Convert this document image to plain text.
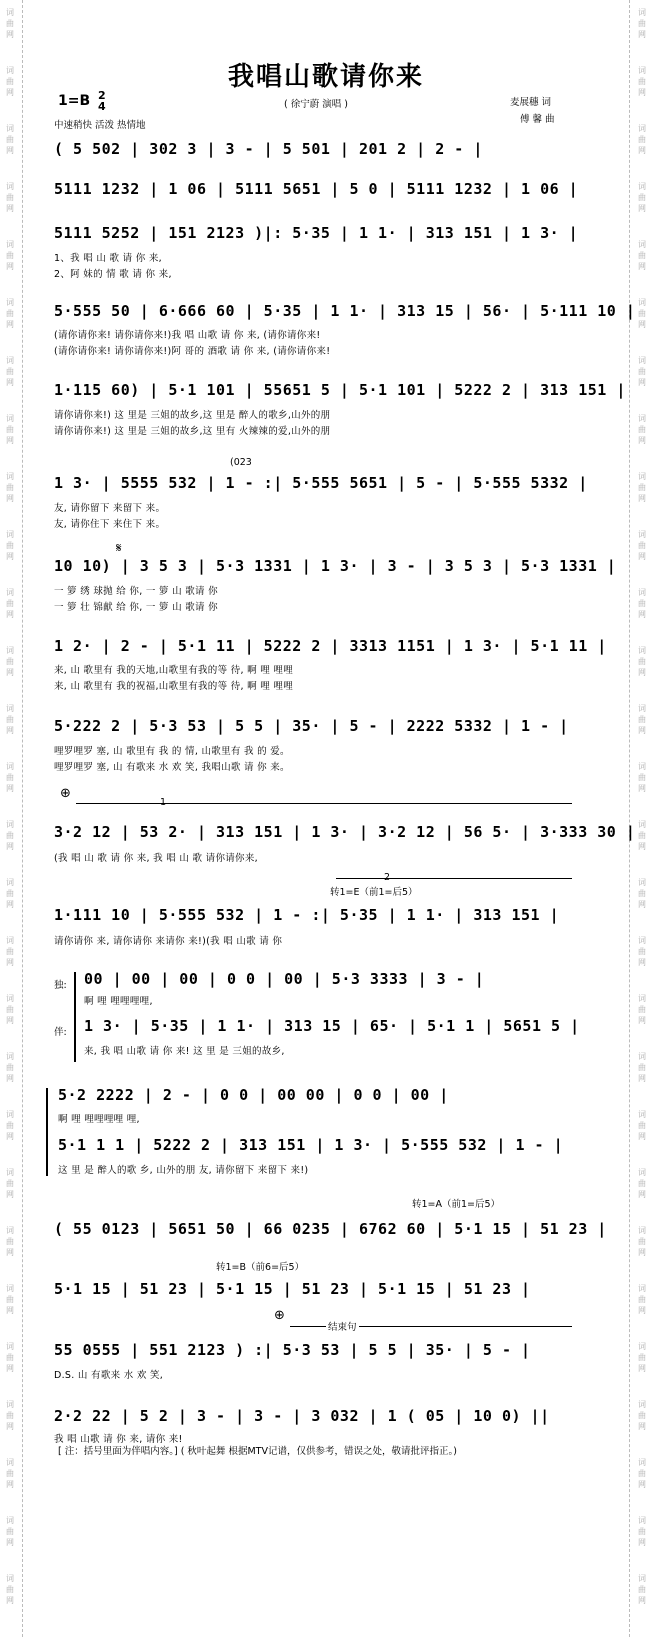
词
曲
网
词
曲
网
词
曲
网
词
曲
网
词
曲
网
词
曲
网
词
曲
网
词
曲
网
词
曲
网
词
曲
网
词
曲
网
词
曲
网
词
曲
网
词
曲
网
词
曲
网
词
曲
网
词
曲
网
词
曲
网
词
曲
网
词
曲
网
词
曲
网
词
曲
网
词
曲
网
词
曲
网
词
曲
网
词
曲
网
词
曲
网
词
曲
网
词
曲
网
词
曲
网
词
曲
网
词
曲
网
词
曲
网
词
曲
网
词
曲
网
词
曲
网
词
曲
网
词
曲
网
词
曲
网
词
曲
网
词
曲
网
词
曲
网
词
曲
网
词
曲
网
词
曲
网
词
曲
网
词
曲
网
词
曲
网
词
曲
网
词
曲
网
词
曲
网
词
曲
网
词
曲
网
词
曲
网
词
曲
网
词
曲
网
我唱山歌请你来
1=B 2
4
中速稍快 活泼 热情地
( 徐宁蔚 演唱 )	麦展穗 词
傅 馨 曲
( 5 502 | 302 3 | 3 - | 5 501 | 201 2 | 2 - |
5111 1232 | 1 06 | 5111 5651 | 5 0 | 5111 1232 | 1 06 |
5111 5252 | 151 2123 )|: 5·35 | 1 1· | 313 151 | 1 3· |
1、我 唱 山 歌 请 你 来,
2、阿 妹的 情 歌 请 你 来,
5·555 50 | 6·666 60 | 5·35 | 1 1· | 313 15 | 56· | 5·111 10 |
(请你请你来! 请你请你来!)我 唱 山歌 请 你 来, (请你请你来!
(请你请你来! 请你请你来!)阿 哥的 酒歌 请 你 来, (请你请你来!
1·115 60) | 5·1 101 | 55651 5 | 5·1 101 | 5222 2 | 313 151 |
请你请你来!) 这 里是 三姐的故乡,这 里是 醉人的歌乡,山外的朋
请你请你来!) 这 里是 三姐的故乡,这 里有 火辣辣的爱,山外的朋
1 3· | 5555 532 | 1 - :| 5·555 5651 | 5 - | 5·555 5332 |
友, 请你留下 来留下 来。
友, 请你住下 来住下 来。
10 10) | 3 5 3 | 5·3 1331 | 1 3· | 3 - | 3 5 3 | 5·3 1331 |
一 箩 绣 球抛 给 你, 一 箩 山 歌请 你
一 箩 壮 锦献 给 你, 一 箩 山 歌请 你
1 2· | 2 - | 5·1 11 | 5222 2 | 3313 1151 | 1 3· | 5·1 11 |
来, 山 歌里有 我的天地,山歌里有我的等 待, 啊 哩 哩哩
来, 山 歌里有 我的祝福,山歌里有我的等 待, 啊 哩 哩哩
5·222 2 | 5·3 53 | 5 5 | 35· | 5 - | 2222 5332 | 1 - |
哩罗哩罗 塞, 山 歌里有 我 的 情, 山歌里有 我 的 爱。
哩罗哩罗 塞, 山 有歌来 水 欢 笑, 我唱山歌 请 你 来。
3·2 12 | 53 2· | 313 151 | 1 3· | 3·2 12 | 56 5· | 3·333 30 |
(我 唱 山 歌 请 你 来, 我 唱 山 歌 请你请你来,
1·111 10 | 5·555 532 | 1 - :| 5·35 | 1 1· | 313 151 |
请你请你 来, 请你请你 来请你 来!)(我 唱 山歌 请 你
00 | 00 | 00 | 0 0 | 00 | 5·3 3333 | 3 - |
啊 哩 哩哩哩哩,
1 3· | 5·35 | 1 1· | 313 15 | 65· | 5·1 1 | 5651 5 |
来, 我 唱 山歌 请 你 来! 这 里 是 三姐的故乡,
5·2 2222 | 2 - | 0 0 | 00 00 | 0 0 | 00 |
啊 哩 哩哩哩哩 哩,
5·1 1 1 | 5222 2 | 313 151 | 1 3· | 5·555 532 | 1 - |
这 里 是 醉人的歌 乡, 山外的朋 友, 请你留下 来留下 来!)
( 55 0123 | 5651 50 | 66 0235 | 6762 60 | 5·1 15 | 51 23 |
5·1 15 | 51 23 | 5·1 15 | 51 23 | 5·1 15 | 51 23 |
55 0555 | 551 2123 ) :| 5·3 53 | 5 5 | 35· | 5 - |
D.S. 山 有歌来 水 欢 笑,
2·2 22 | 5 2 | 3 - | 3 - | 3 032 | 1 ( 05 | 10 0) ||
我 唱 山歌 请 你 来, 请你 来!
(023
𝄋
⊕
1
转1=E（前1=后5）
2
独:
伴:
转1=A（前1=后5）
转1=B（前6=后5）
⊕
结束句
[ 注：括号里面为伴唱内容。] ( 秋叶起舞 根据MTV记谱，仅供参考，错误之处，敬请批评指正。)
